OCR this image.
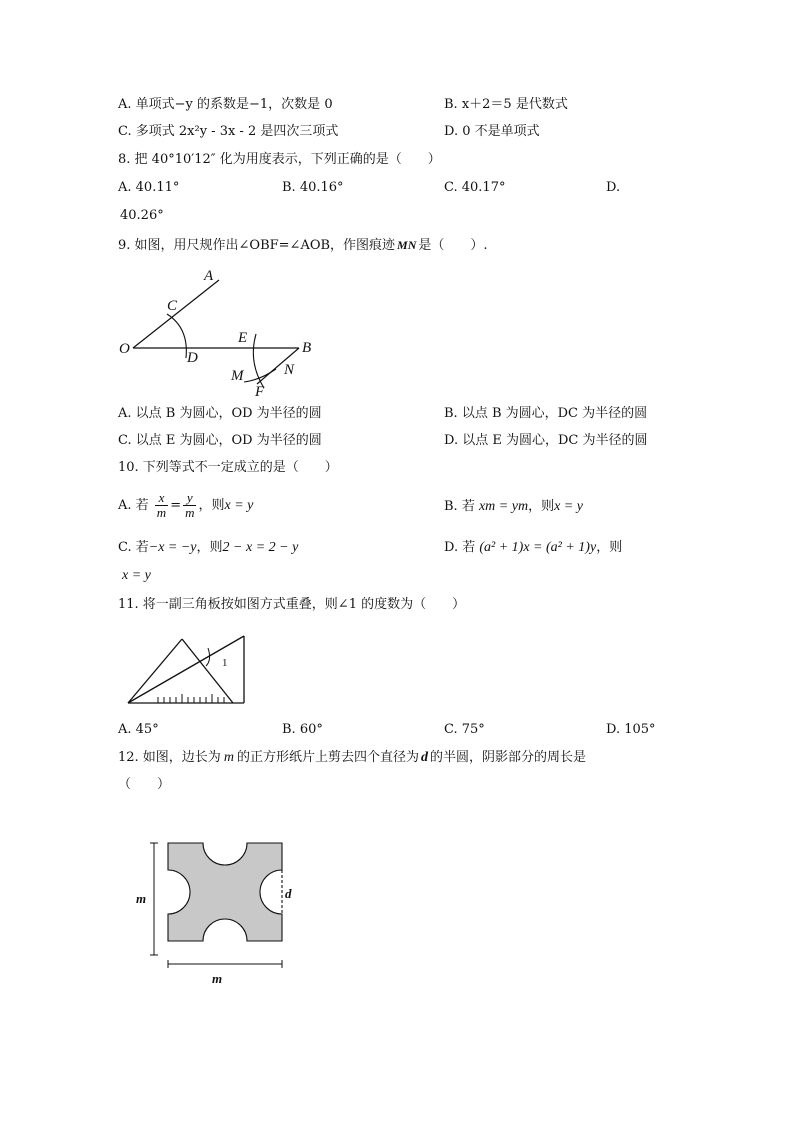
A. 单项式−y 的系数是−1，次数是 0	B. x＋2＝5 是代数式
C. 多项式 2x²y - 3x - 2 是四次三项式	D. 0 不是单项式
8. 把 40°10′12″ 化为用度表示，下列正确的是（　　）
A. 40.11°	B. 40.16°	C. 40.17°	D.
40.26°
9. 如图，用尺规作出∠OBF=∠AOB，作图痕迹 MN 是（　　）.
A
C
O
D
E
B
M	N
F
1
m
m
d
A. 以点 B 为圆心，OD 为半径的圆	B. 以点 B 为圆心，DC 为半径的圆
C. 以点 E 为圆心，OD 为半径的圆	D. 以点 E 为圆心，DC 为半径的圆
10. 下列等式不一定成立的是（　　）
A. 若 $\frac{x}{m} = \frac{y}{m}$ ，则x = y	B. 若 xm = ym，则x = y
C. 若−x = −y，则2 − x = 2 − y	D. 若 (a² + 1)x = (a² + 1)y，则
x = y
11. 将一副三角板按如图方式重叠，则∠1 的度数为（　　）
A. 45°	B. 60°	C. 75°	D. 105°
12. 如图，边长为 m 的正方形纸片上剪去四个直径为 d 的半圆，阴影部分的周长是
（　　）
